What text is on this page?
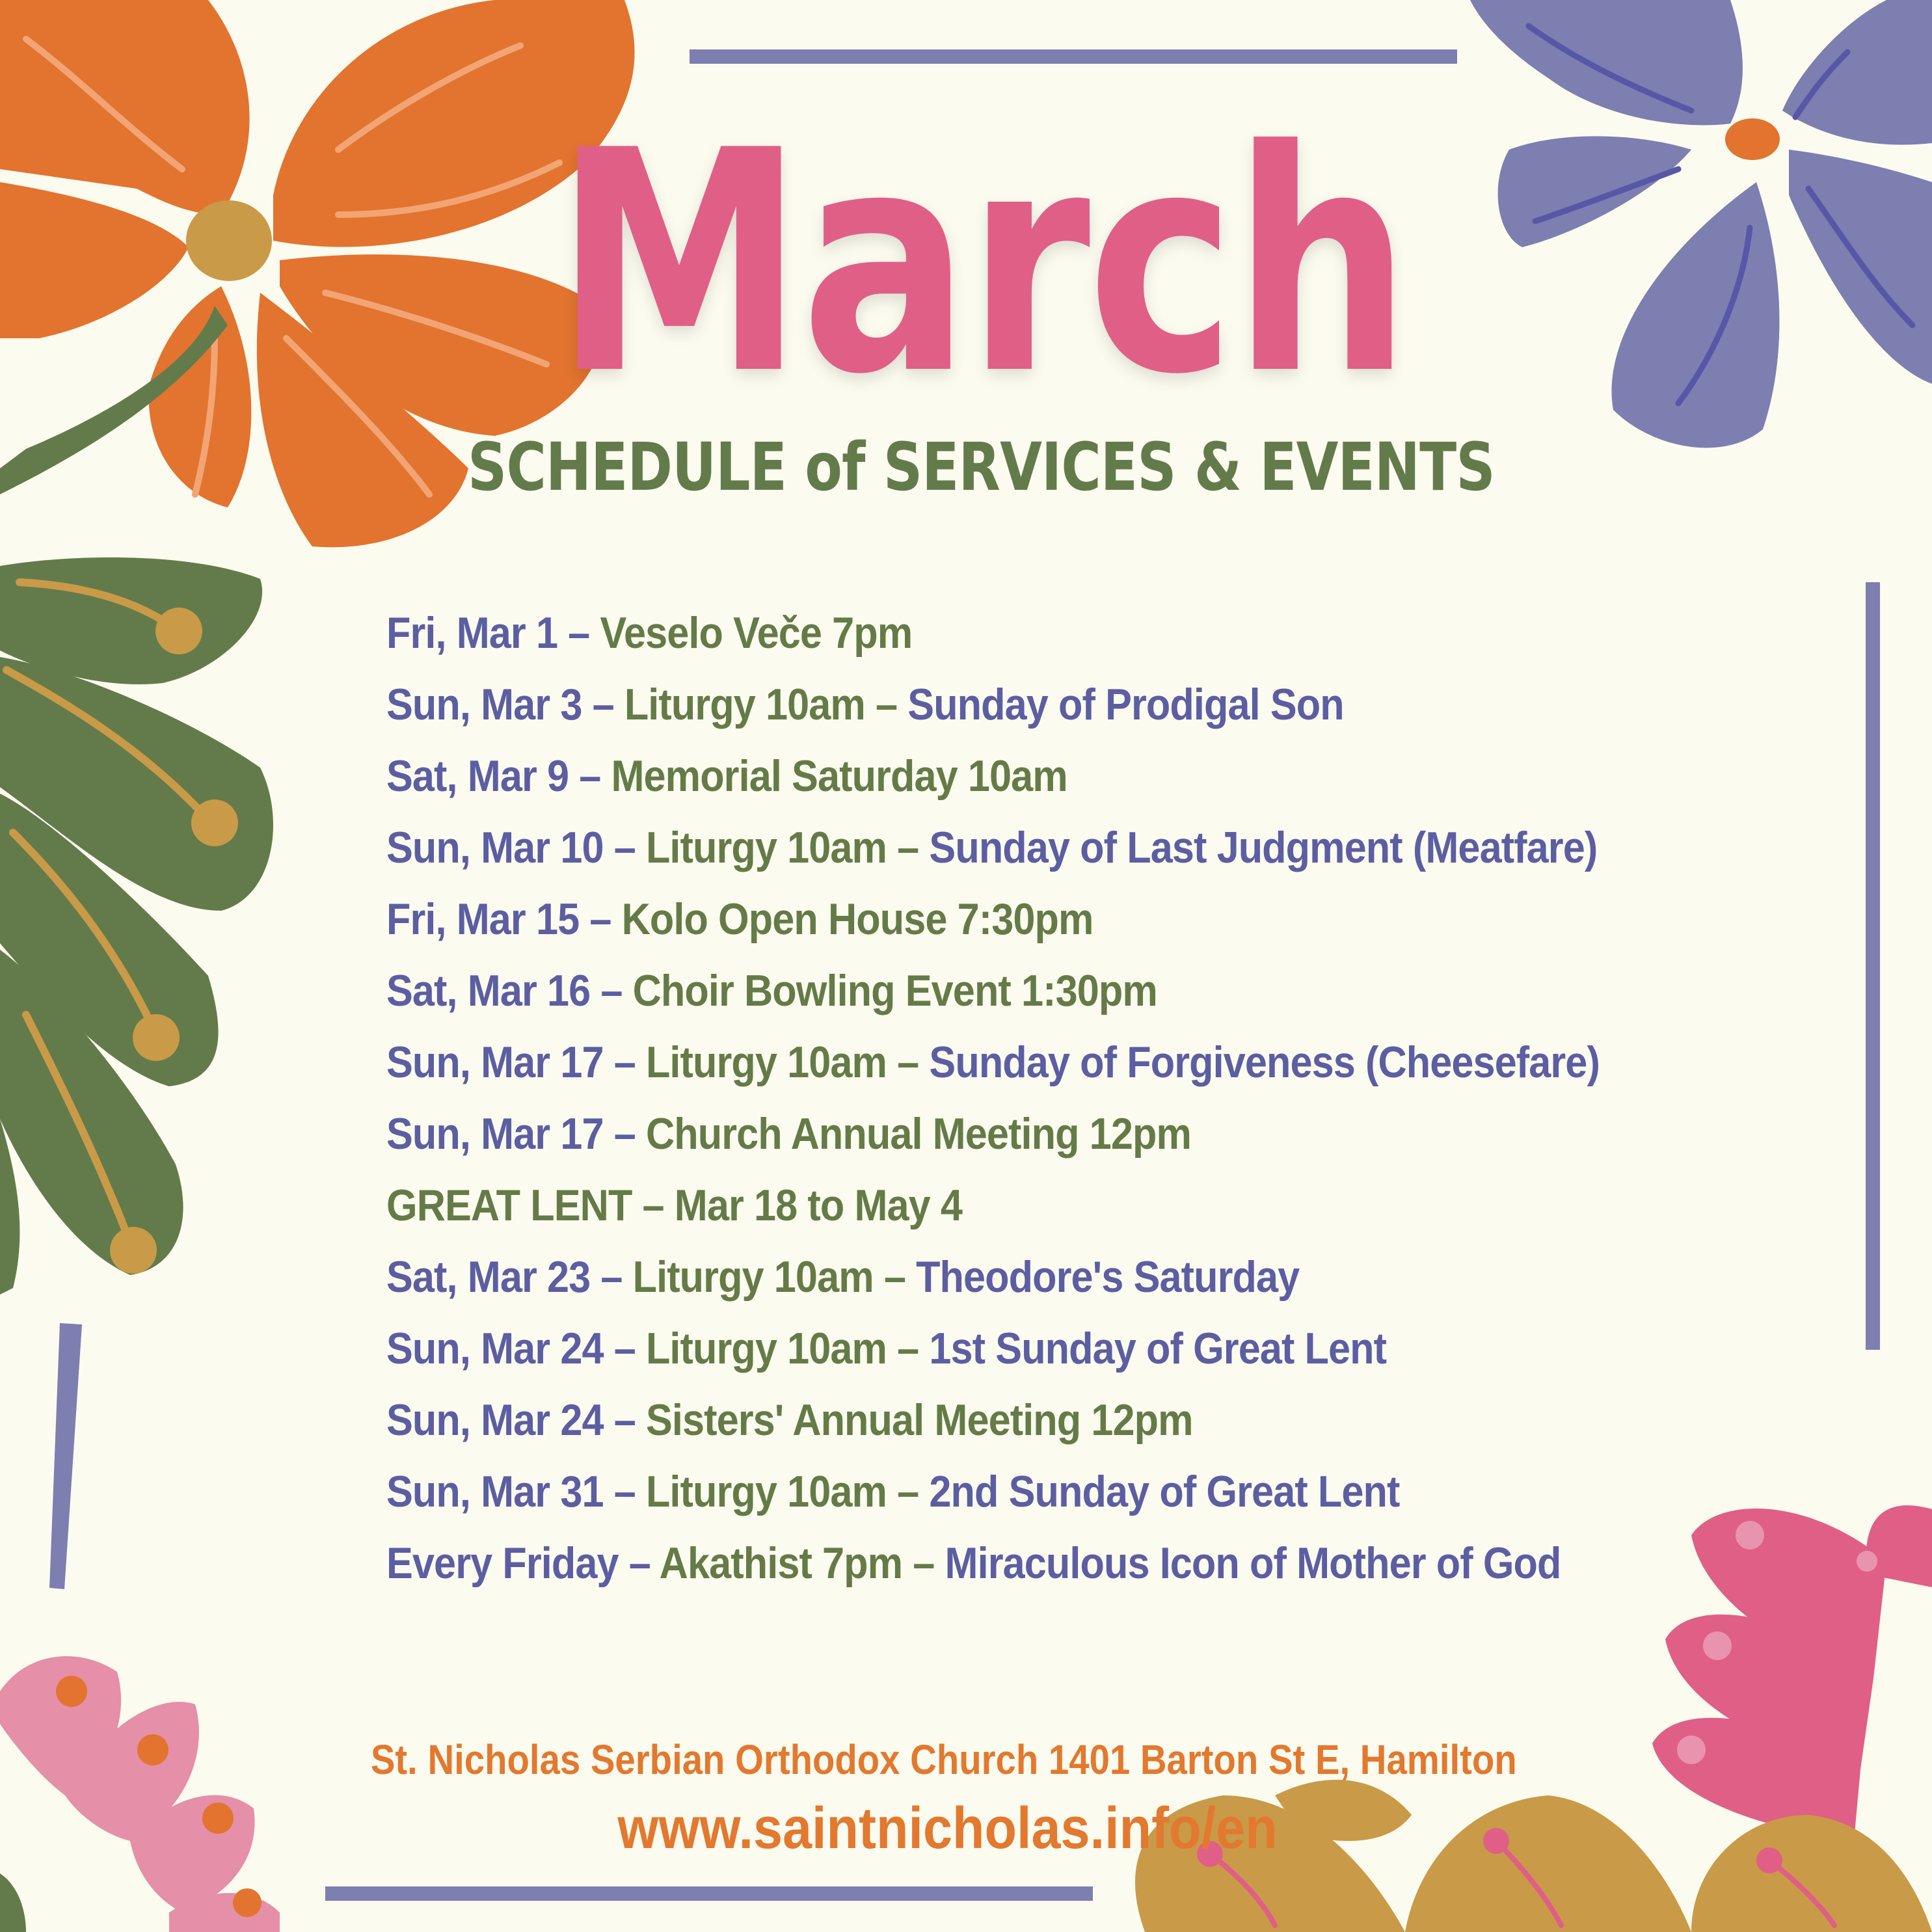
March
SCHEDULE of SERVICES & EVENTS
Fri, Mar 1 – Veselo Veče 7pm
Sun, Mar 3 – Liturgy 10am – Sunday of Prodigal Son
Sat, Mar 9 – Memorial Saturday 10am
Sun, Mar 10 – Liturgy 10am – Sunday of Last Judgment (Meatfare)
Fri, Mar 15 – Kolo Open House 7:30pm
Sat, Mar 16 – Choir Bowling Event 1:30pm
Sun, Mar 17 – Liturgy 10am – Sunday of Forgiveness (Cheesefare)
Sun, Mar 17 – Church Annual Meeting 12pm
GREAT LENT – Mar 18 to May 4
Sat, Mar 23 – Liturgy 10am – Theodore's Saturday
Sun, Mar 24 – Liturgy 10am – 1st Sunday of Great Lent
Sun, Mar 24 – Sisters' Annual Meeting 12pm
Sun, Mar 31 – Liturgy 10am – 2nd Sunday of Great Lent
Every Friday – Akathist 7pm – Miraculous Icon of Mother of God
St. Nicholas Serbian Orthodox Church 1401 Barton St E, Hamilton
www.saintnicholas.info/en
